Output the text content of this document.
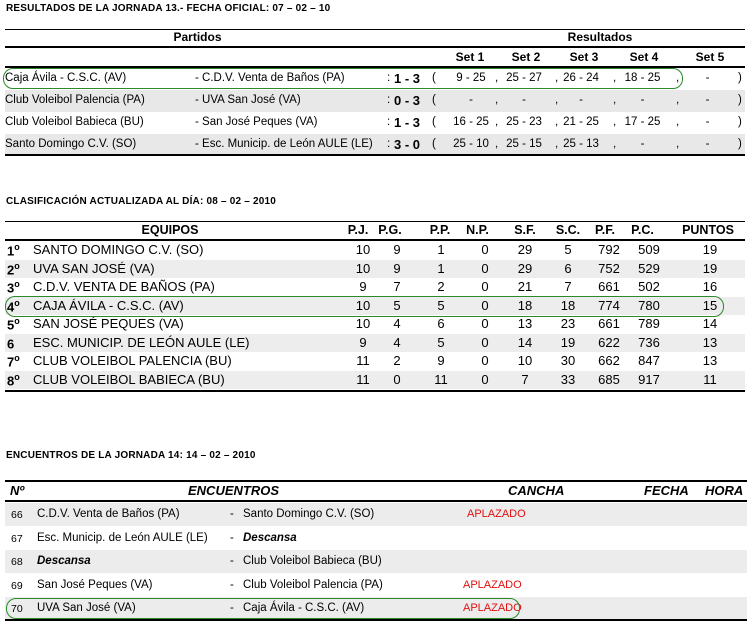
RESULTADOS DE LA JORNADA 13.- FECHA OFICIAL: 07 – 02 – 10
Partidos	Resultados
Set 1	Set 2	Set 3	Set 4	Set 5
Caja Ávila - C.S.C. (AV)	- C.D.V. Venta de Baños (PA)	: 1 - 3 (	9 - 25 , 25 - 27	, 26 - 24	, 18 - 25	,	-	)
Club Voleibol Palencia (PA)	- UVA San José (VA)	: 0 - 3 (	-	,	-	,	-	,	-	,	-	)
Club Voleibol Babieca (BU)	- San José Peques (VA)	: 1 - 3 (	16 - 25 , 25 - 23	, 21 - 25	, 17 - 25	,	-	)
Santo Domingo C.V. (SO)	- Esc. Municip. de León AULE (LE) : 3 - 0 (	25 - 10 , 25 - 15	, 25 - 13	,	-	,	-	)
CLASIFICACIÓN ACTUALIZADA AL DÍA: 08 – 02 – 2010
EQUIPOS	P.J. P.G.	P.P.	N.P.	S.F.	S.C.	P.F.	P.C.	PUNTOS
1$^o$ SANTO DOMINGO C.V. (SO)	10	9	1	0	29	5	792	509	19
2$^o$ UVA SAN JOSÉ (VA)	10	9	1	0	29	6	752	529	19
3$^o$ C.D.V. VENTA DE BAÑOS (PA)	9	7	2	0	21	7	661	502	16
4$^o$ CAJA ÁVILA - C.S.C. (AV)	10	5	5	0	18	18	774	780	15
5$^o$ SAN JOSÉ PEQUES (VA)	10	4	6	0	13	23	661	789	14
6 ESC. MUNICIP. DE LEÓN AULE (LE)	9	4	5	0	14	19	622	736	13
7$^o$ CLUB VOLEIBOL PALENCIA (BU)	11	2	9	0	10	30	662	847	13
8$^o$ CLUB VOLEIBOL BABIECA (BU)	11	0	11	0	7	33	685	917	11
ENCUENTROS DE LA JORNADA 14: 14 – 02 – 2010
Nº	ENCUENTROS	CANCHA	FECHA HORA
66 C.D.V. Venta de Baños (PA)	- Santo Domingo C.V. (SO)	APLAZADO
67 Esc. Municip. de León AULE (LE) - Descansa
68 Descansa	- Club Voleibol Babieca (BU)
69 San José Peques (VA)	- Club Voleibol Palencia (PA)	APLAZADO
70 UVA San José (VA)	- Caja Ávila - C.S.C. (AV)	APLAZADO
